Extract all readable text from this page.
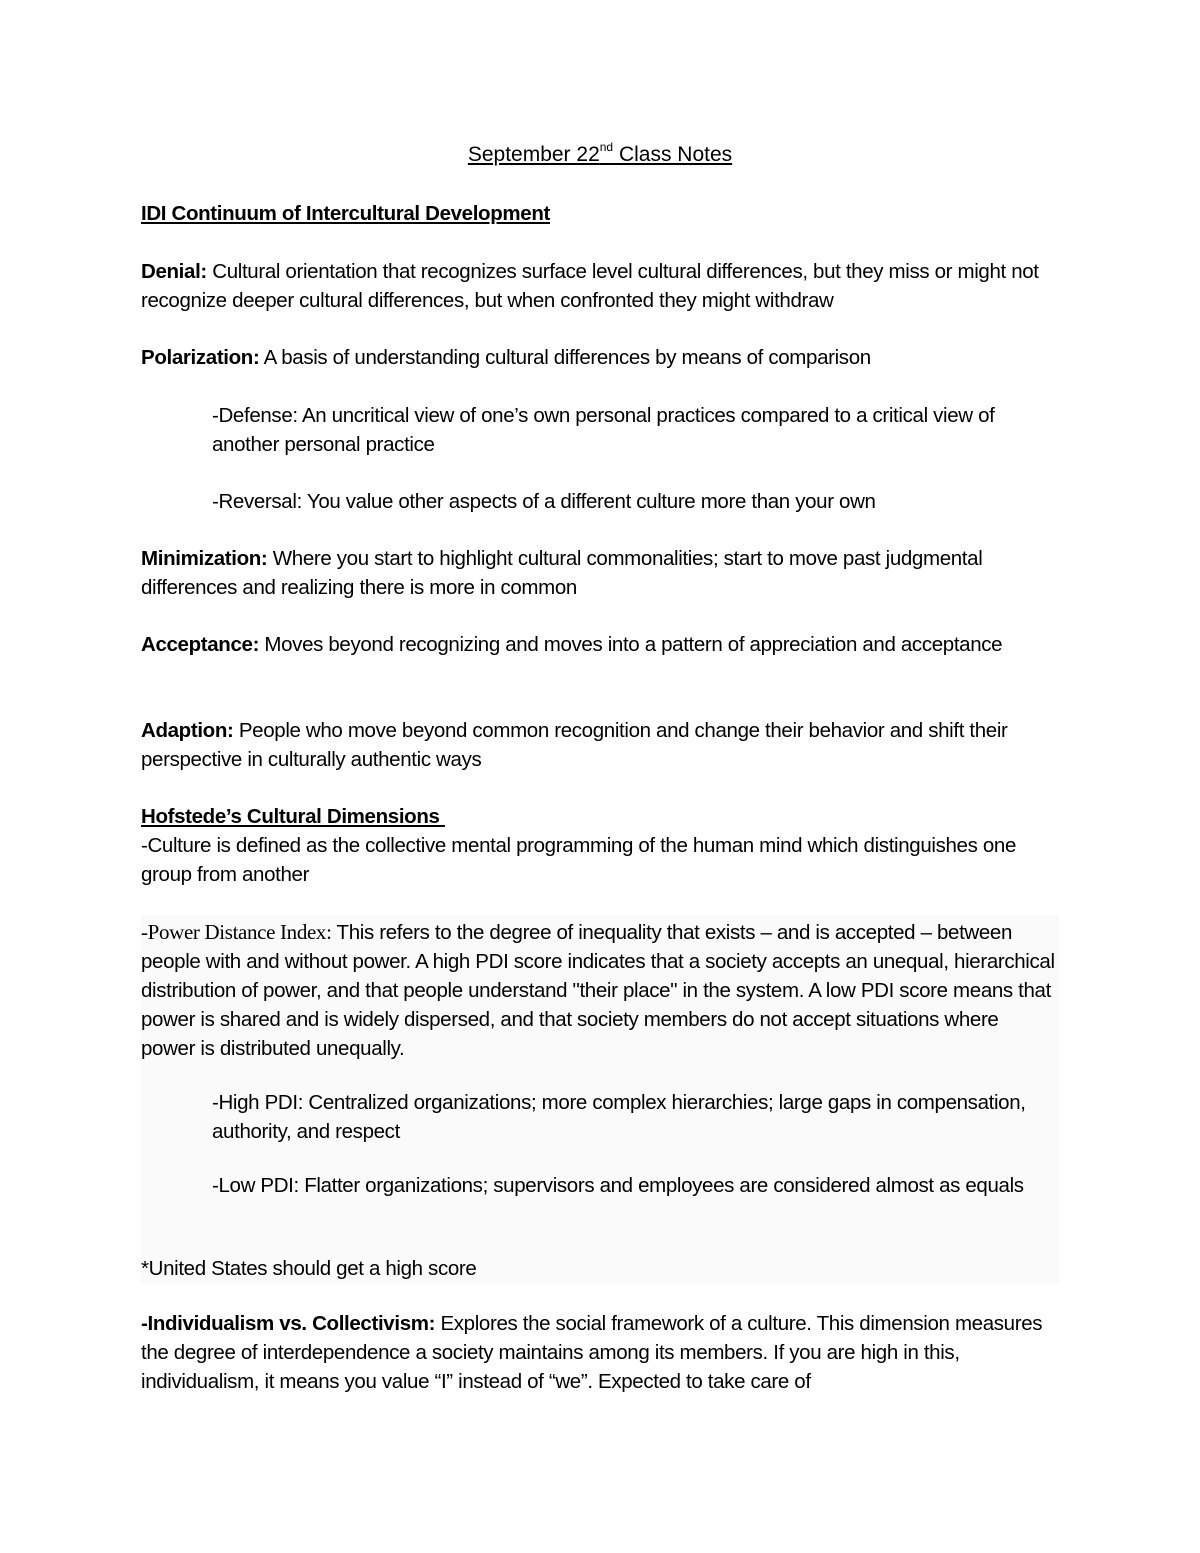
September 22nd Class Notes
IDI Continuum of Intercultural Development
Denial: Cultural orientation that recognizes surface level cultural differences, but they miss or might not recognize deeper cultural differences, but when confronted they might withdraw
Polarization: A basis of understanding cultural differences by means of comparison
-Defense: An uncritical view of one’s own personal practices compared to a critical view of another personal practice
-Reversal: You value other aspects of a different culture more than your own
Minimization: Where you start to highlight cultural commonalities; start to move past judgmental differences and realizing there is more in common
Acceptance: Moves beyond recognizing and moves into a pattern of appreciation and acceptance
Adaption: People who move beyond common recognition and change their behavior and shift their perspective in culturally authentic ways
Hofstede’s Cultural Dimensions
-Culture is defined as the collective mental programming of the human mind which distinguishes one group from another
-Power Distance Index: This refers to the degree of inequality that exists – and is accepted – between people with and without power. A high PDI score indicates that a society accepts an unequal, hierarchical distribution of power, and that people understand "their place" in the system. A low PDI score means that power is shared and is widely dispersed, and that society members do not accept situations where power is distributed unequally.
-High PDI: Centralized organizations; more complex hierarchies; large gaps in compensation, authority, and respect
-Low PDI: Flatter organizations; supervisors and employees are considered almost as equals
*United States should get a high score
-Individualism vs. Collectivism: Explores the social framework of a culture. This dimension measures the degree of interdependence a society maintains among its members. If you are high in this, individualism, it means you value “I” instead of “we”. Expected to take care of
